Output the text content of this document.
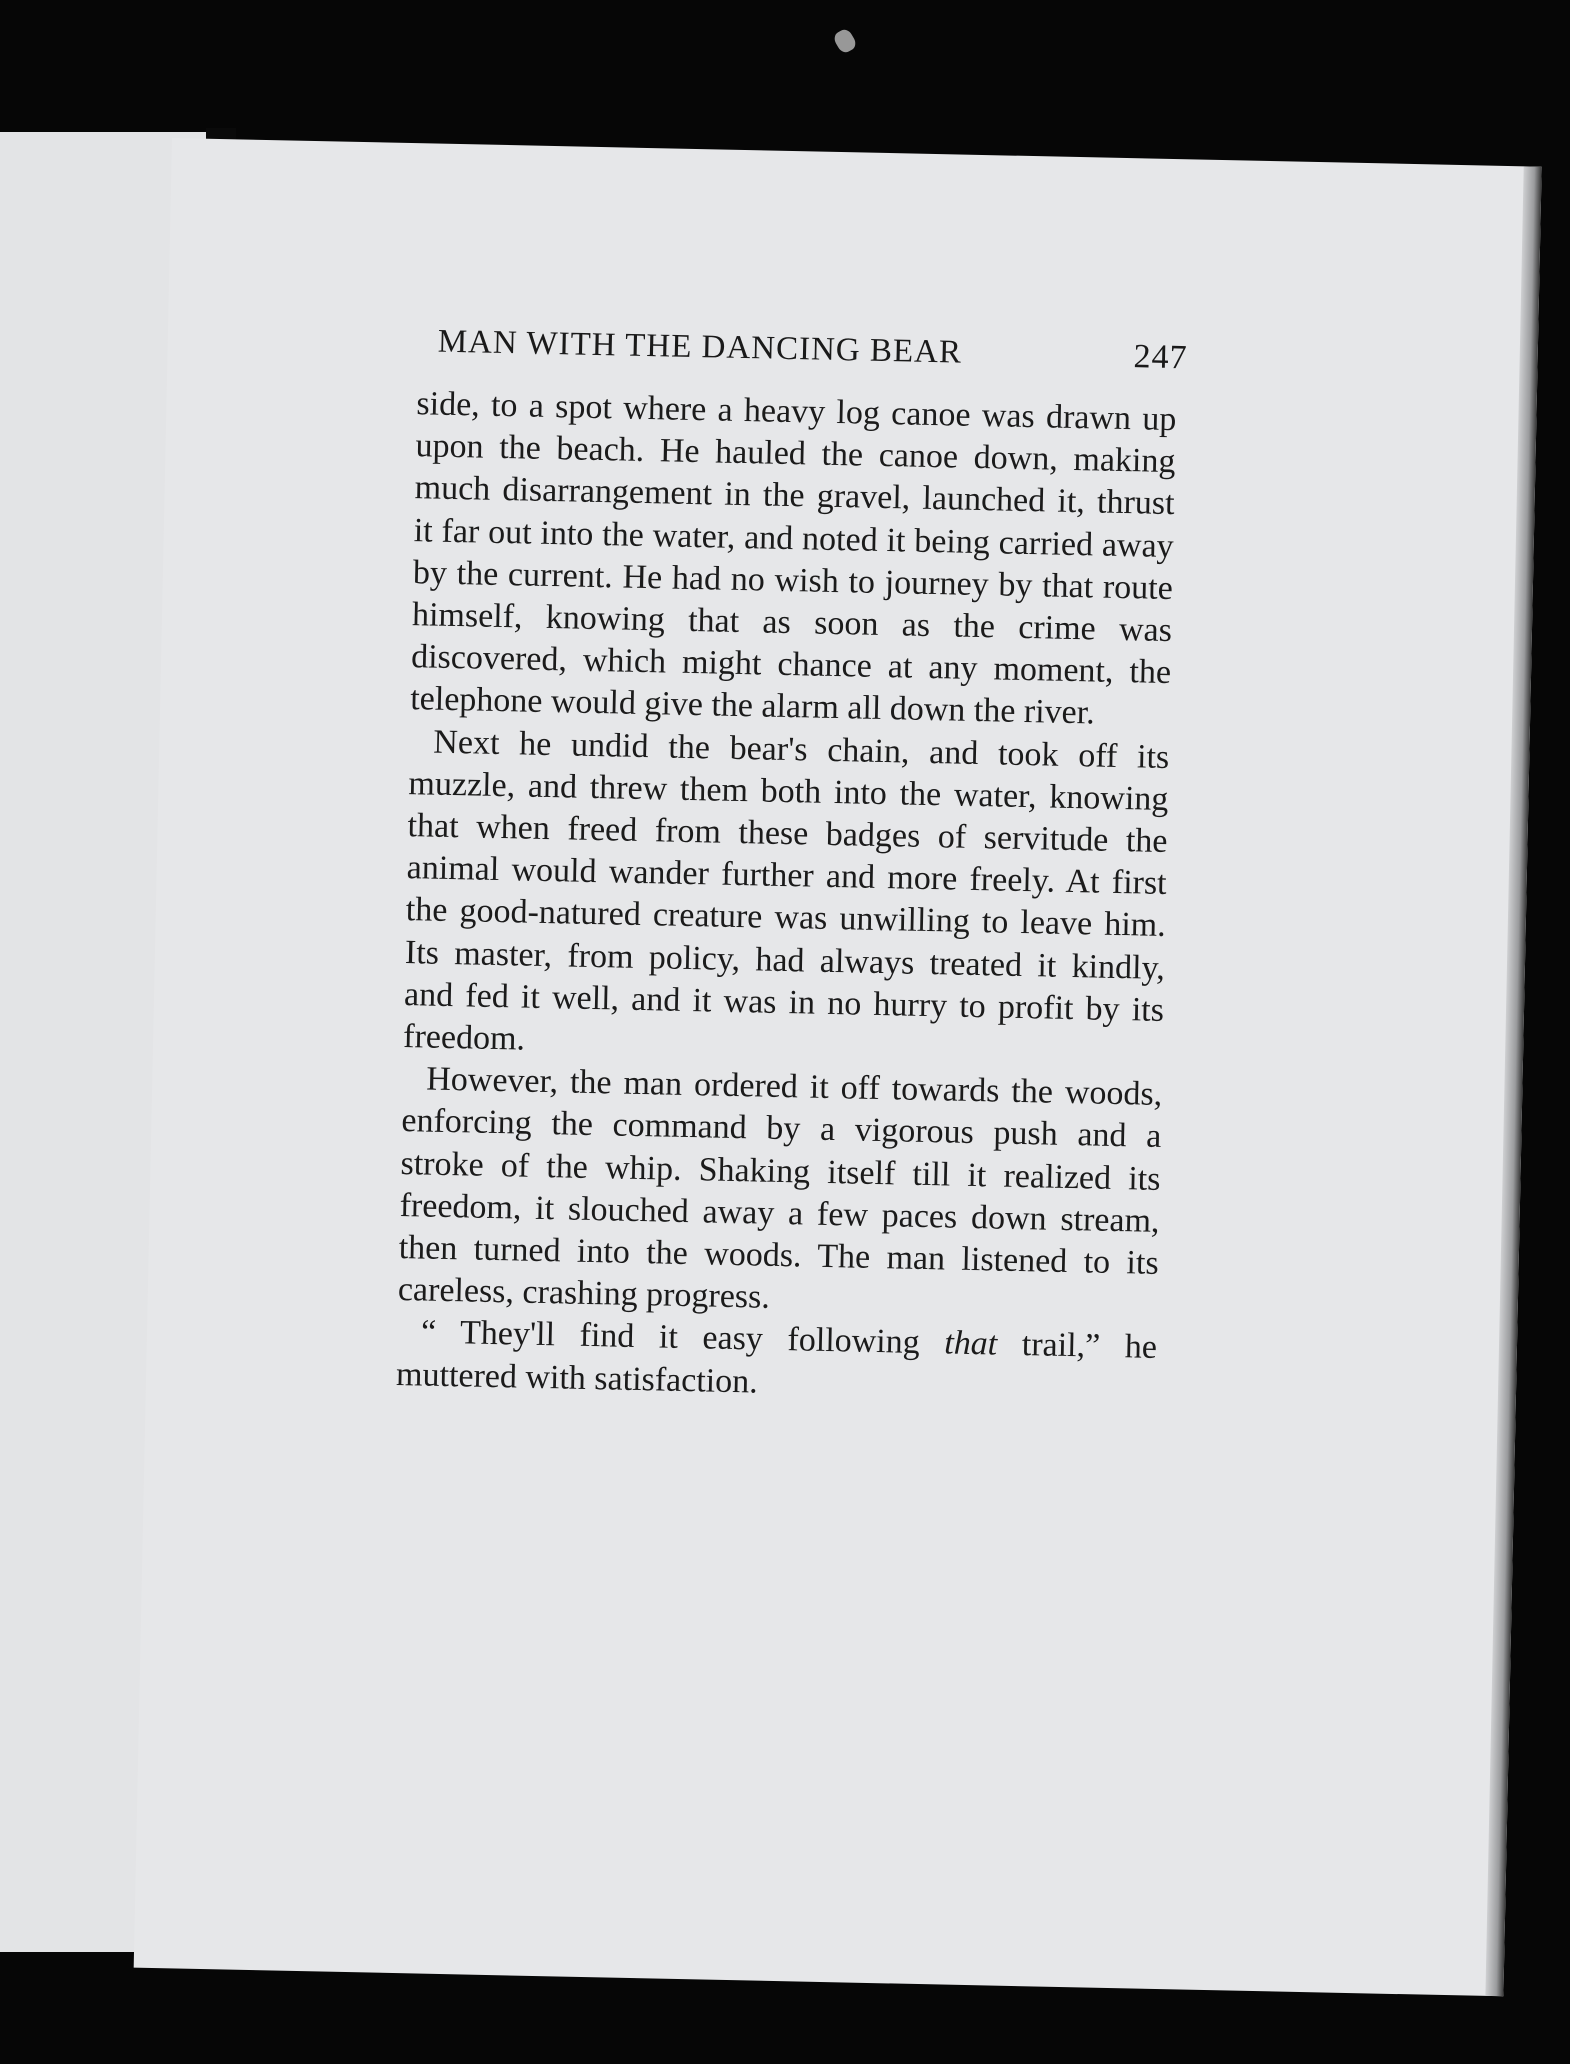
MAN WITH THE DANCING BEAR	247

side, to a spot where a heavy log canoe was drawn up upon the beach. He hauled the canoe down, making much disarrangement in the gravel, launched it, thrust it far out into the water, and noted it being carried away by the current. He had no wish to journey by that route himself, knowing that as soon as the crime was discovered, which might chance at any moment, the telephone would give the alarm all down the river.

Next he undid the bear's chain, and took off its muzzle, and threw them both into the water, knowing that when freed from these badges of servitude the animal would wander further and more freely. At first the good-natured creature was unwilling to leave him. Its master, from policy, had always treated it kindly, and fed it well, and it was in no hurry to profit by its freedom.

However, the man ordered it off towards the woods, enforcing the command by a vigorous push and a stroke of the whip. Shaking itself till it realized its freedom, it slouched away a few paces down stream, then turned into the woods. The man listened to its careless, crashing progress.

“ They'll find it easy following that trail,” he muttered with satisfaction.
